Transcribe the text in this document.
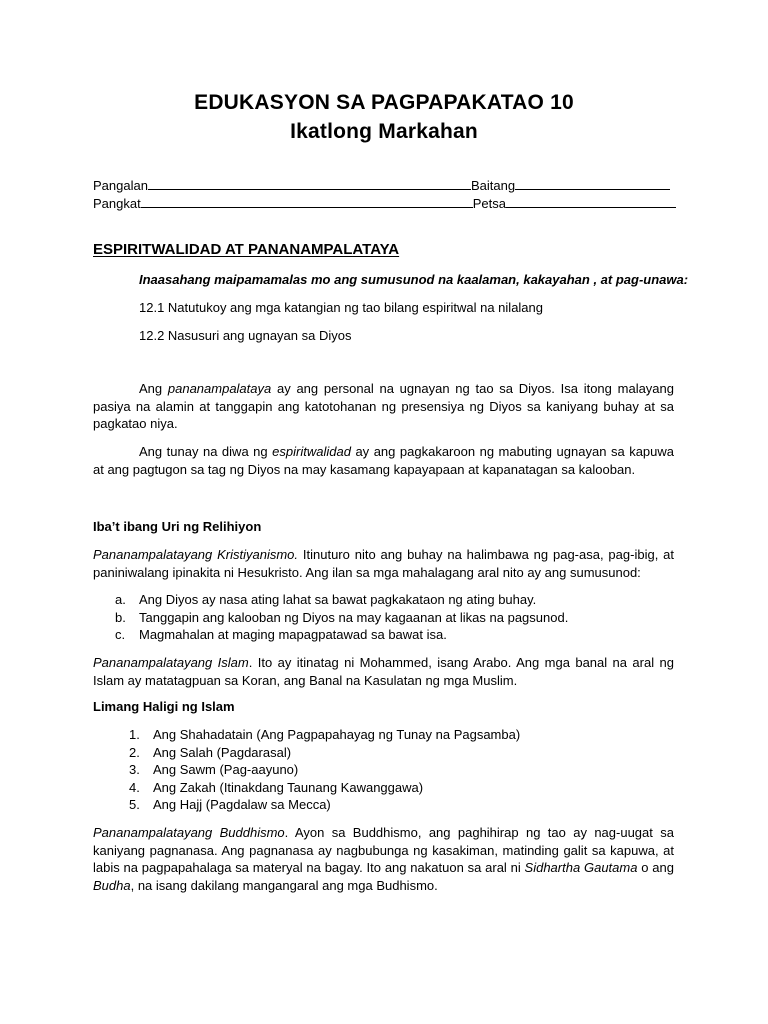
EDUKASYON SA PAGPAPAKATAO 10
Ikatlong Markahan
Pangalan	Baitang
Pangkat	Petsa
ESPIRITWALIDAD AT PANANAMPALATAYA
Inaasahang maipamamalas mo ang sumusunod na kaalaman, kakayahan , at pag-unawa:
12.1 Natutukoy ang mga katangian ng tao bilang espiritwal na nilalang
12.2 Nasusuri ang ugnayan sa Diyos
Ang pananampalataya ay ang personal na ugnayan ng tao sa Diyos. Isa itong malayang pasiya na alamin at tanggapin ang katotohanan ng presensiya ng Diyos sa kaniyang buhay at sa pagkatao niya.
Ang tunay na diwa ng espiritwalidad ay ang pagkakaroon ng mabuting ugnayan sa kapuwa at ang pagtugon sa tag ng Diyos na may kasamang kapayapaan at kapanatagan sa kalooban.
Iba’t ibang Uri ng Relihiyon
Pananampalatayang Kristiyanismo. Itinuturo nito ang buhay na halimbawa ng pag-asa, pag-ibig, at paniniwalang ipinakita ni Hesukristo. Ang ilan sa mga mahalagang aral nito ay ang sumusunod:
a.	Ang Diyos ay nasa ating lahat sa bawat pagkakataon ng ating buhay.
b.	Tanggapin ang kalooban ng Diyos na may kagaanan at likas na pagsunod.
c.	Magmahalan at maging mapagpatawad sa bawat isa.
Pananampalatayang Islam. Ito ay itinatag ni Mohammed, isang Arabo. Ang mga banal na aral ng Islam ay matatagpuan sa Koran, ang Banal na Kasulatan ng mga Muslim.
Limang Haligi ng Islam
1.	Ang Shahadatain (Ang Pagpapahayag ng Tunay na Pagsamba)
2.	Ang Salah (Pagdarasal)
3.	Ang Sawm (Pag-aayuno)
4.	Ang Zakah (Itinakdang Taunang Kawanggawa)
5.	Ang Hajj (Pagdalaw sa Mecca)
Pananampalatayang Buddhismo. Ayon sa Buddhismo, ang paghihirap ng tao ay nag-uugat sa kaniyang pagnanasa. Ang pagnanasa ay nagbubunga ng kasakiman, matinding galit sa kapuwa, at labis na pagpapahalaga sa materyal na bagay. Ito ang nakatuon sa aral ni Sidhartha Gautama o ang Budha, na isang dakilang mangangaral ang mga Budhismo.
